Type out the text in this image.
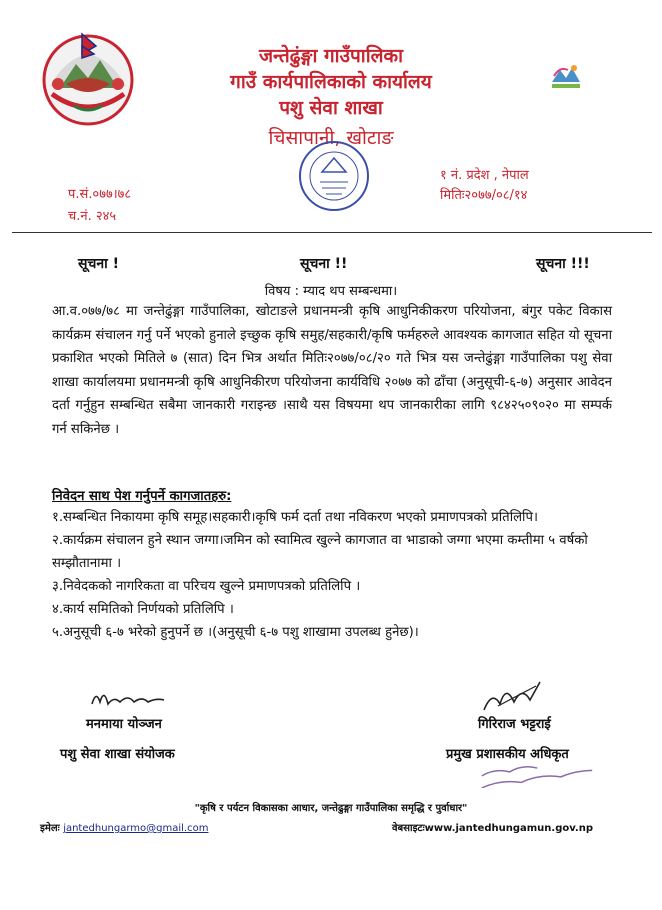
जन्तेढुंङ्गा गाउँपालिका
गाउँ कार्यपालिकाको कार्यालय
पशु सेवा शाखा
चिसापानी, खोटाङ
प.सं.०७७।७८
च.नं. २४५
१ नं. प्रदेश , नेपाल
मितिः२०७७/०८/१४
सूचना !	सूचना !!	सूचना !!!
विषय : म्याद थप सम्बन्धमा।
आ.व.०७७/७८ मा जन्तेढुंङ्गा गाउँपालिका, खोटाङले प्रधानमन्त्री कृषि आधुनिकीकरण परियोजना, बंगुर पकेट विकास कार्यक्रम संचालन गर्नु पर्ने भएको हुनाले इच्छुक कृषि समुह/सहकारी/कृषि फर्महरुले आवश्यक कागजात सहित यो सूचना प्रकाशित भएको मितिले ७ (सात) दिन भित्र अर्थात मितिः२०७७/०८/२० गते भित्र यस जन्तेढुंङ्गा गाउँपालिका पशु सेवा शाखा कार्यालयमा प्रधानमन्त्री कृषि आधुनिकीरण परियोजना कार्यविधि २०७७ को ढाँचा (अनुसूची-६-७) अनुसार आवेदन दर्ता गर्नुहुन सम्बन्धित सबैमा जानकारी गराइन्छ ।साथै यस विषयमा थप जानकारीका लागि ९८४२५०९०२० मा सम्पर्क गर्न सकिनेछ ।
निवेदन साथ पेश गर्नुपर्ने कागजातहरु:
१.सम्बन्धित निकायमा कृषि समूह।सहकारी।कृषि फर्म दर्ता तथा नविकरण भएको प्रमाणपत्रको प्रतिलिपि।
२.कार्यक्रम संचालन हुने स्थान जग्गा।जमिन को स्वामित्व खुल्ने कागजात वा भाडाको जग्गा भएमा कम्तीमा ५ वर्षको सम्झौतानामा ।
३.निवेदकको नागरिकता वा परिचय खुल्ने प्रमाणपत्रको प्रतिलिपि ।
४.कार्य समितिको निर्णयको प्रतिलिपि ।
५.अनुसूची ६-७ भरेको हुनुपर्ने छ ।(अनुसूची ६-७ पशु शाखामा उपलब्ध हुनेछ)।
मनमाया योञ्जन
पशु सेवा शाखा संयोजक
गिरिराज भट्टराई
प्रमुख प्रशासकीय अधिकृत
"कृषि र पर्यटन विकासका आधार, जन्तेढुङ्गा गाउँपालिका समृद्धि र पुर्वाधार"
इमेलः jantedhungarmo@gmail.com	वेबसाइटःwww.jantedhungamun.gov.np
